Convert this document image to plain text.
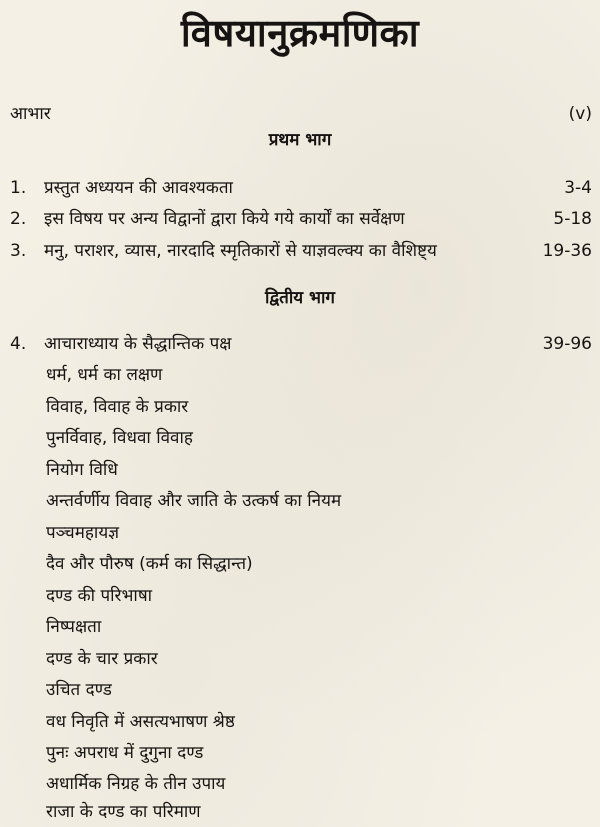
विषयानुक्रमणिका
आभार	(v)
प्रथम भाग
1. प्रस्तुत अध्ययन की आवश्यकता	3-4
2. इस विषय पर अन्य विद्वानों द्वारा किये गये कार्यों का सर्वेक्षण	5-18
3. मनु, पराशर, व्यास, नारदादि स्मृतिकारों से याज्ञवल्क्य का वैशिष्ट्य	19-36
द्वितीय भाग
4. आचाराध्याय के सैद्धान्तिक पक्ष	39-96
धर्म, धर्म का लक्षण
विवाह, विवाह के प्रकार
पुनर्विवाह, विधवा विवाह
नियोग विधि
अन्तर्वर्णीय विवाह और जाति के उत्कर्ष का नियम
पञ्चमहायज्ञ
दैव और पौरुष (कर्म का सिद्धान्त)
दण्ड की परिभाषा
निष्पक्षता
दण्ड के चार प्रकार
उचित दण्ड
वध निवृति में असत्यभाषण श्रेष्ठ
पुनः अपराध में दुगुना दण्ड
अधार्मिक निग्रह के तीन उपाय
राजा के दण्ड का परिमाण
